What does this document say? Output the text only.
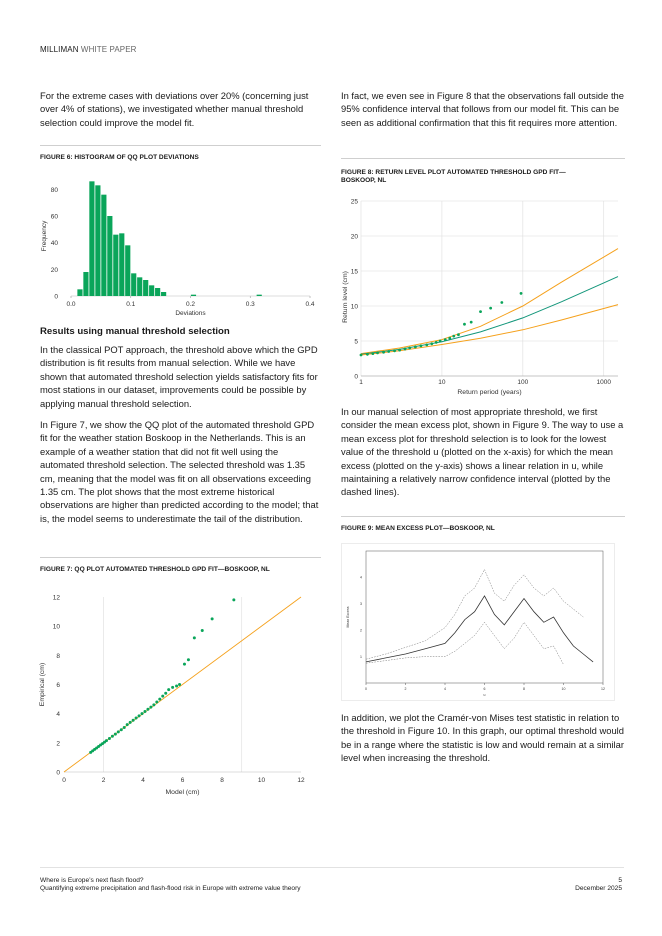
MILLIMAN WHITE PAPER

For the extreme cases with deviations over 20% (concerning just over 4% of stations), we investigated whether manual threshold selection could improve the model fit.

FIGURE 6: HISTOGRAM OF QQ PLOT DEVIATIONS
0
20
40
60
80
0.0	0.1	0.2	0.3	0.4
Deviations
Frequency
Results using manual threshold selection

In the classical POT approach, the threshold above which the GPD distribution is fit results from manual selection. While we have shown that automated threshold selection yields satisfactory fits for most stations in our dataset, improvements could be possible by applying manual threshold selection.

In Figure 7, we show the QQ plot of the automated threshold GPD fit for the weather station Boskoop in the Netherlands. This is an example of a weather station that did not fit well using the automated threshold selection. The selected threshold was 1.35 cm, meaning that the model was fit on all observations exceeding 1.35 cm. The plot shows that the most extreme historical observations are higher than predicted according to the model; that is, the model seems to underestimate the tail of the distribution.

FIGURE 7: QQ PLOT AUTOMATED THRESHOLD GPD FIT—BOSKOOP, NL
0
2
4
6
8
10
12
0	2	4	6	8	10	12
Model (cm)
Empirical (cm)

In fact, we even see in Figure 8 that the observations fall outside the 95% confidence interval that follows from our model fit. This can be seen as additional confirmation that this fit requires more attention.

FIGURE 8: RETURN LEVEL PLOT AUTOMATED THRESHOLD GPD FIT—
BOSKOOP, NL
0
5
10
15
20
25
1	10	100	1000
Return period (years)
Return level (cm)

In our manual selection of most appropriate threshold, we first consider the mean excess plot, shown in Figure 9. The way to use a mean excess plot for threshold selection is to look for the lowest value of the threshold u (plotted on the x-axis) for which the mean excess (plotted on the y-axis) shows a linear relation in u, while maintaining a relatively narrow confidence interval (plotted by the dashed lines).

FIGURE 9: MEAN EXCESS PLOT—BOSKOOP, NL
0	2	4	6	8	10	12
1
2
3
4
u
Mean Excess

In addition, we plot the Cramér-von Mises test statistic in relation to the threshold in Figure 10. In this graph, our optimal threshold would be in a range where the statistic is low and would remain at a similar level when increasing the threshold.

Where is Europe’s next flash flood?
Quantifying extreme precipitation and flash-flood risk in Europe with extreme value theory
5
December 2025
